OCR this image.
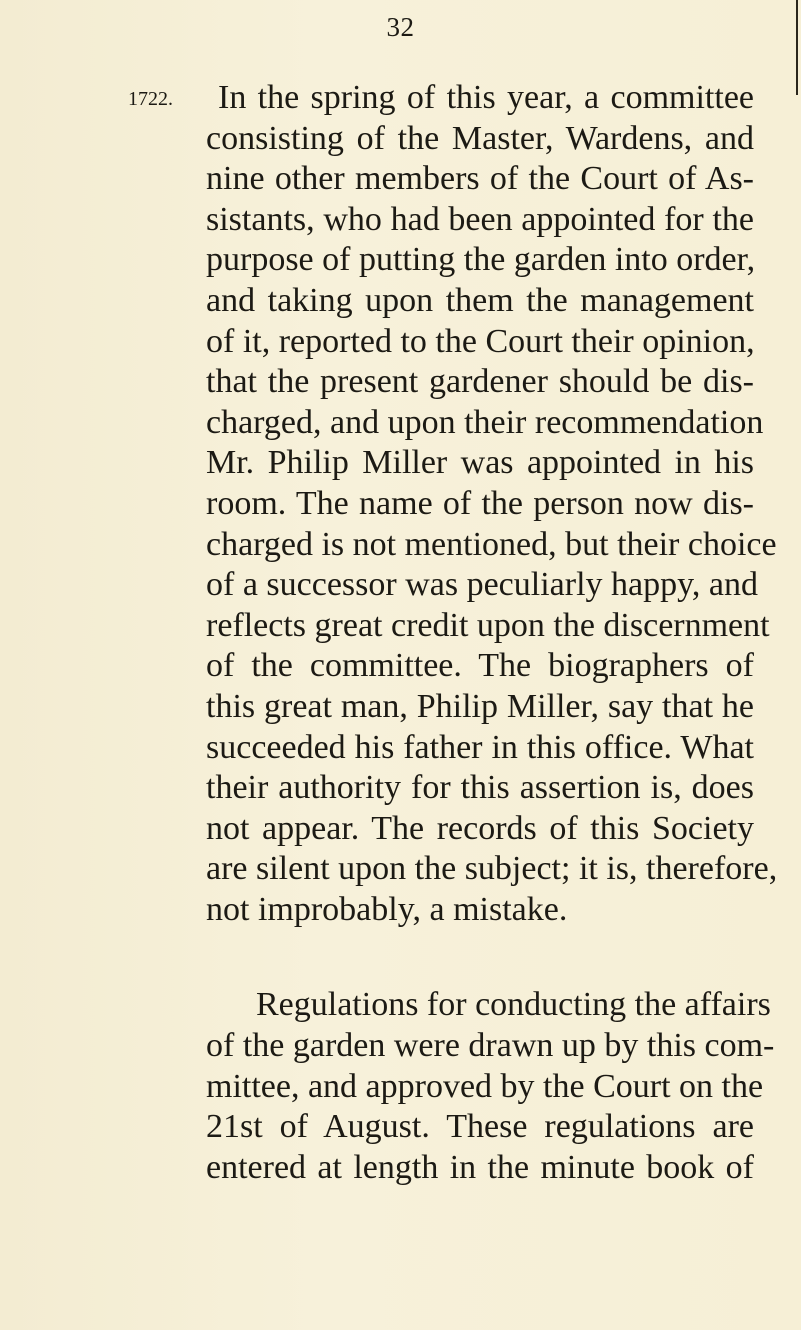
32
1722. In the spring of this year, a committee
consisting of the Master, Wardens, and
nine other members of the Court of As-
sistants, who had been appointed for the
purpose of putting the garden into order,
and taking upon them the management
of it, reported to the Court their opinion,
that the present gardener should be dis-
charged, and upon their recommendation
Mr. Philip Miller was appointed in his
room. The name of the person now dis-
charged is not mentioned, but their choice
of a successor was peculiarly happy, and
reflects great credit upon the discernment
of the committee. The biographers of
this great man, Philip Miller, say that he
succeeded his father in this office. What
their authority for this assertion is, does
not appear. The records of this Society
are silent upon the subject; it is, therefore,
not improbably, a mistake.
Regulations for conducting the affairs
of the garden were drawn up by this com-
mittee, and approved by the Court on the
21st of August. These regulations are
entered at length in the minute book of
